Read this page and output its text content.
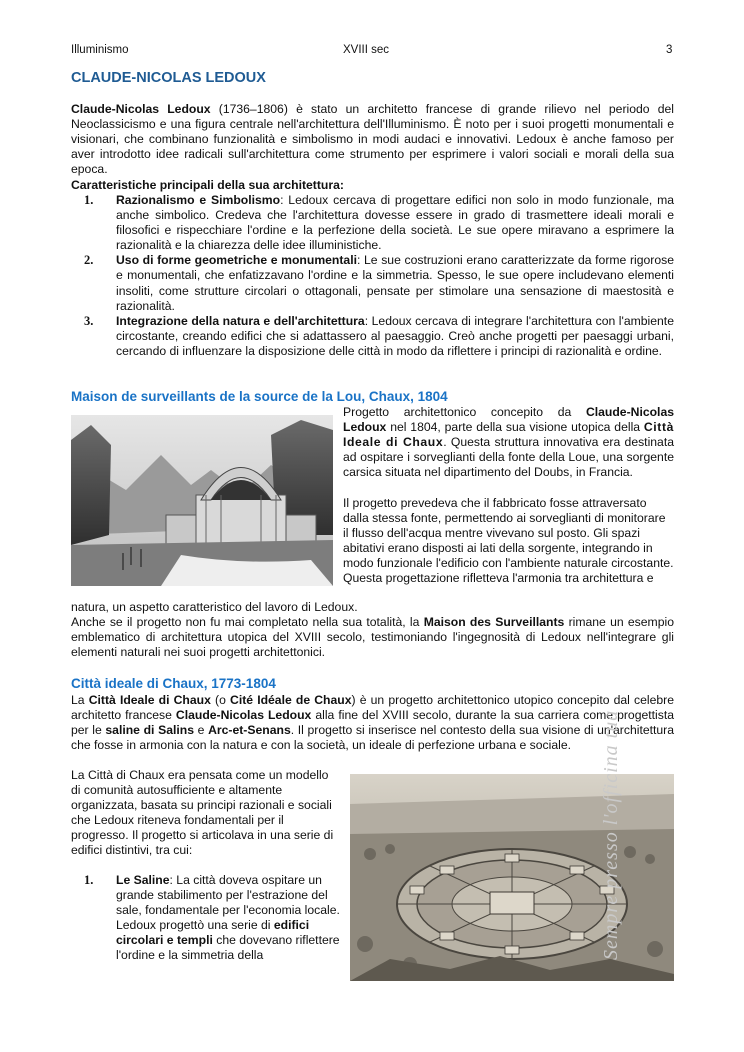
Illuminismo	XVIII sec	3
CLAUDE-NICOLAS LEDOUX

Claude-Nicolas Ledoux (1736–1806) è stato un architetto francese di grande rilievo nel periodo del Neoclassicismo e una figura centrale nell'architettura dell'Illuminismo. È noto per i suoi progetti monumentali e visionari, che combinano funzionalità e simbolismo in modi audaci e innovativi. Ledoux è anche famoso per aver introdotto idee radicali sull'architettura come strumento per esprimere i valori sociali e morali della sua epoca.

Caratteristiche principali della sua architettura:

1. Razionalismo e Simbolismo: Ledoux cercava di progettare edifici non solo in modo funzionale, ma anche simbolico. Credeva che l'architettura dovesse essere in grado di trasmettere ideali morali e filosofici e rispecchiare l'ordine e la perfezione della società. Le sue opere miravano a esprimere la razionalità e la chiarezza delle idee illuministiche.
2. Uso di forme geometriche e monumentali: Le sue costruzioni erano caratterizzate da forme rigorose e monumentali, che enfatizzavano l'ordine e la simmetria. Spesso, le sue opere includevano elementi insoliti, come strutture circolari o ottagonali, pensate per stimolare una sensazione di maestosità e razionalità.
3. Integrazione della natura e dell'architettura: Ledoux cercava di integrare l'architettura con l'ambiente circostante, creando edifici che si adattassero al paesaggio. Creò anche progetti per paesaggi urbani, cercando di influenzare la disposizione delle città in modo da riflettere i principi di razionalità e ordine.
Maison de surveillants de la source de la Lou, Chaux, 1804

Progetto architettonico concepito da Claude-Nicolas Ledoux nel 1804, parte della sua visione utopica della Città Ideale di Chaux. Questa struttura innovativa era destinata ad ospitare i sorveglianti della fonte della Loue, una sorgente carsica situata nel dipartimento del Doubs, in Francia.

Il progetto prevedeva che il fabbricato fosse attraversato dalla stessa fonte, permettendo ai sorveglianti di monitorare il flusso dell'acqua mentre vivevano sul posto. Gli spazi abitativi erano disposti ai lati della sorgente, integrando in modo funzionale l'edificio con l'ambiente naturale circostante. Questa progettazione rifletteva l'armonia tra architettura e

natura, un aspetto caratteristico del lavoro di Ledoux.

Anche se il progetto non fu mai completato nella sua totalità, la Maison des Surveillants rimane un esempio emblematico di architettura utopica del XVIII secolo, testimoniando l'ingegnosità di Ledoux nell'integrare gli elementi naturali nei suoi progetti architettonici.

Città ideale di Chaux, 1773-1804

La Città Ideale di Chaux (o Cité Idéale de Chaux) è un progetto architettonico utopico concepito dal celebre architetto francese Claude-Nicolas Ledoux alla fine del XVIII secolo, durante la sua carriera come progettista per le saline di Salins e Arc-et-Senans. Il progetto si inserisce nel contesto della sua visione di un'architettura che fosse in armonia con la natura e con la società, un ideale di perfezione urbana e sociale.

La Città di Chaux era pensata come un modello di comunità autosufficiente e altamente organizzata, basata su principi razionali e sociali che Ledoux riteneva fondamentali per il progresso. Il progetto si articolava in una serie di edifici distintivi, tra cui:

1.	Le Saline: La città doveva ospitare un grande stabilimento per l'estrazione del sale, fondamentale per l'economia locale. Ledoux progettò una serie di edifici circolari e templi che dovevano riflettere l'ordine e la simmetria della	Sempre presso l'officina tua
